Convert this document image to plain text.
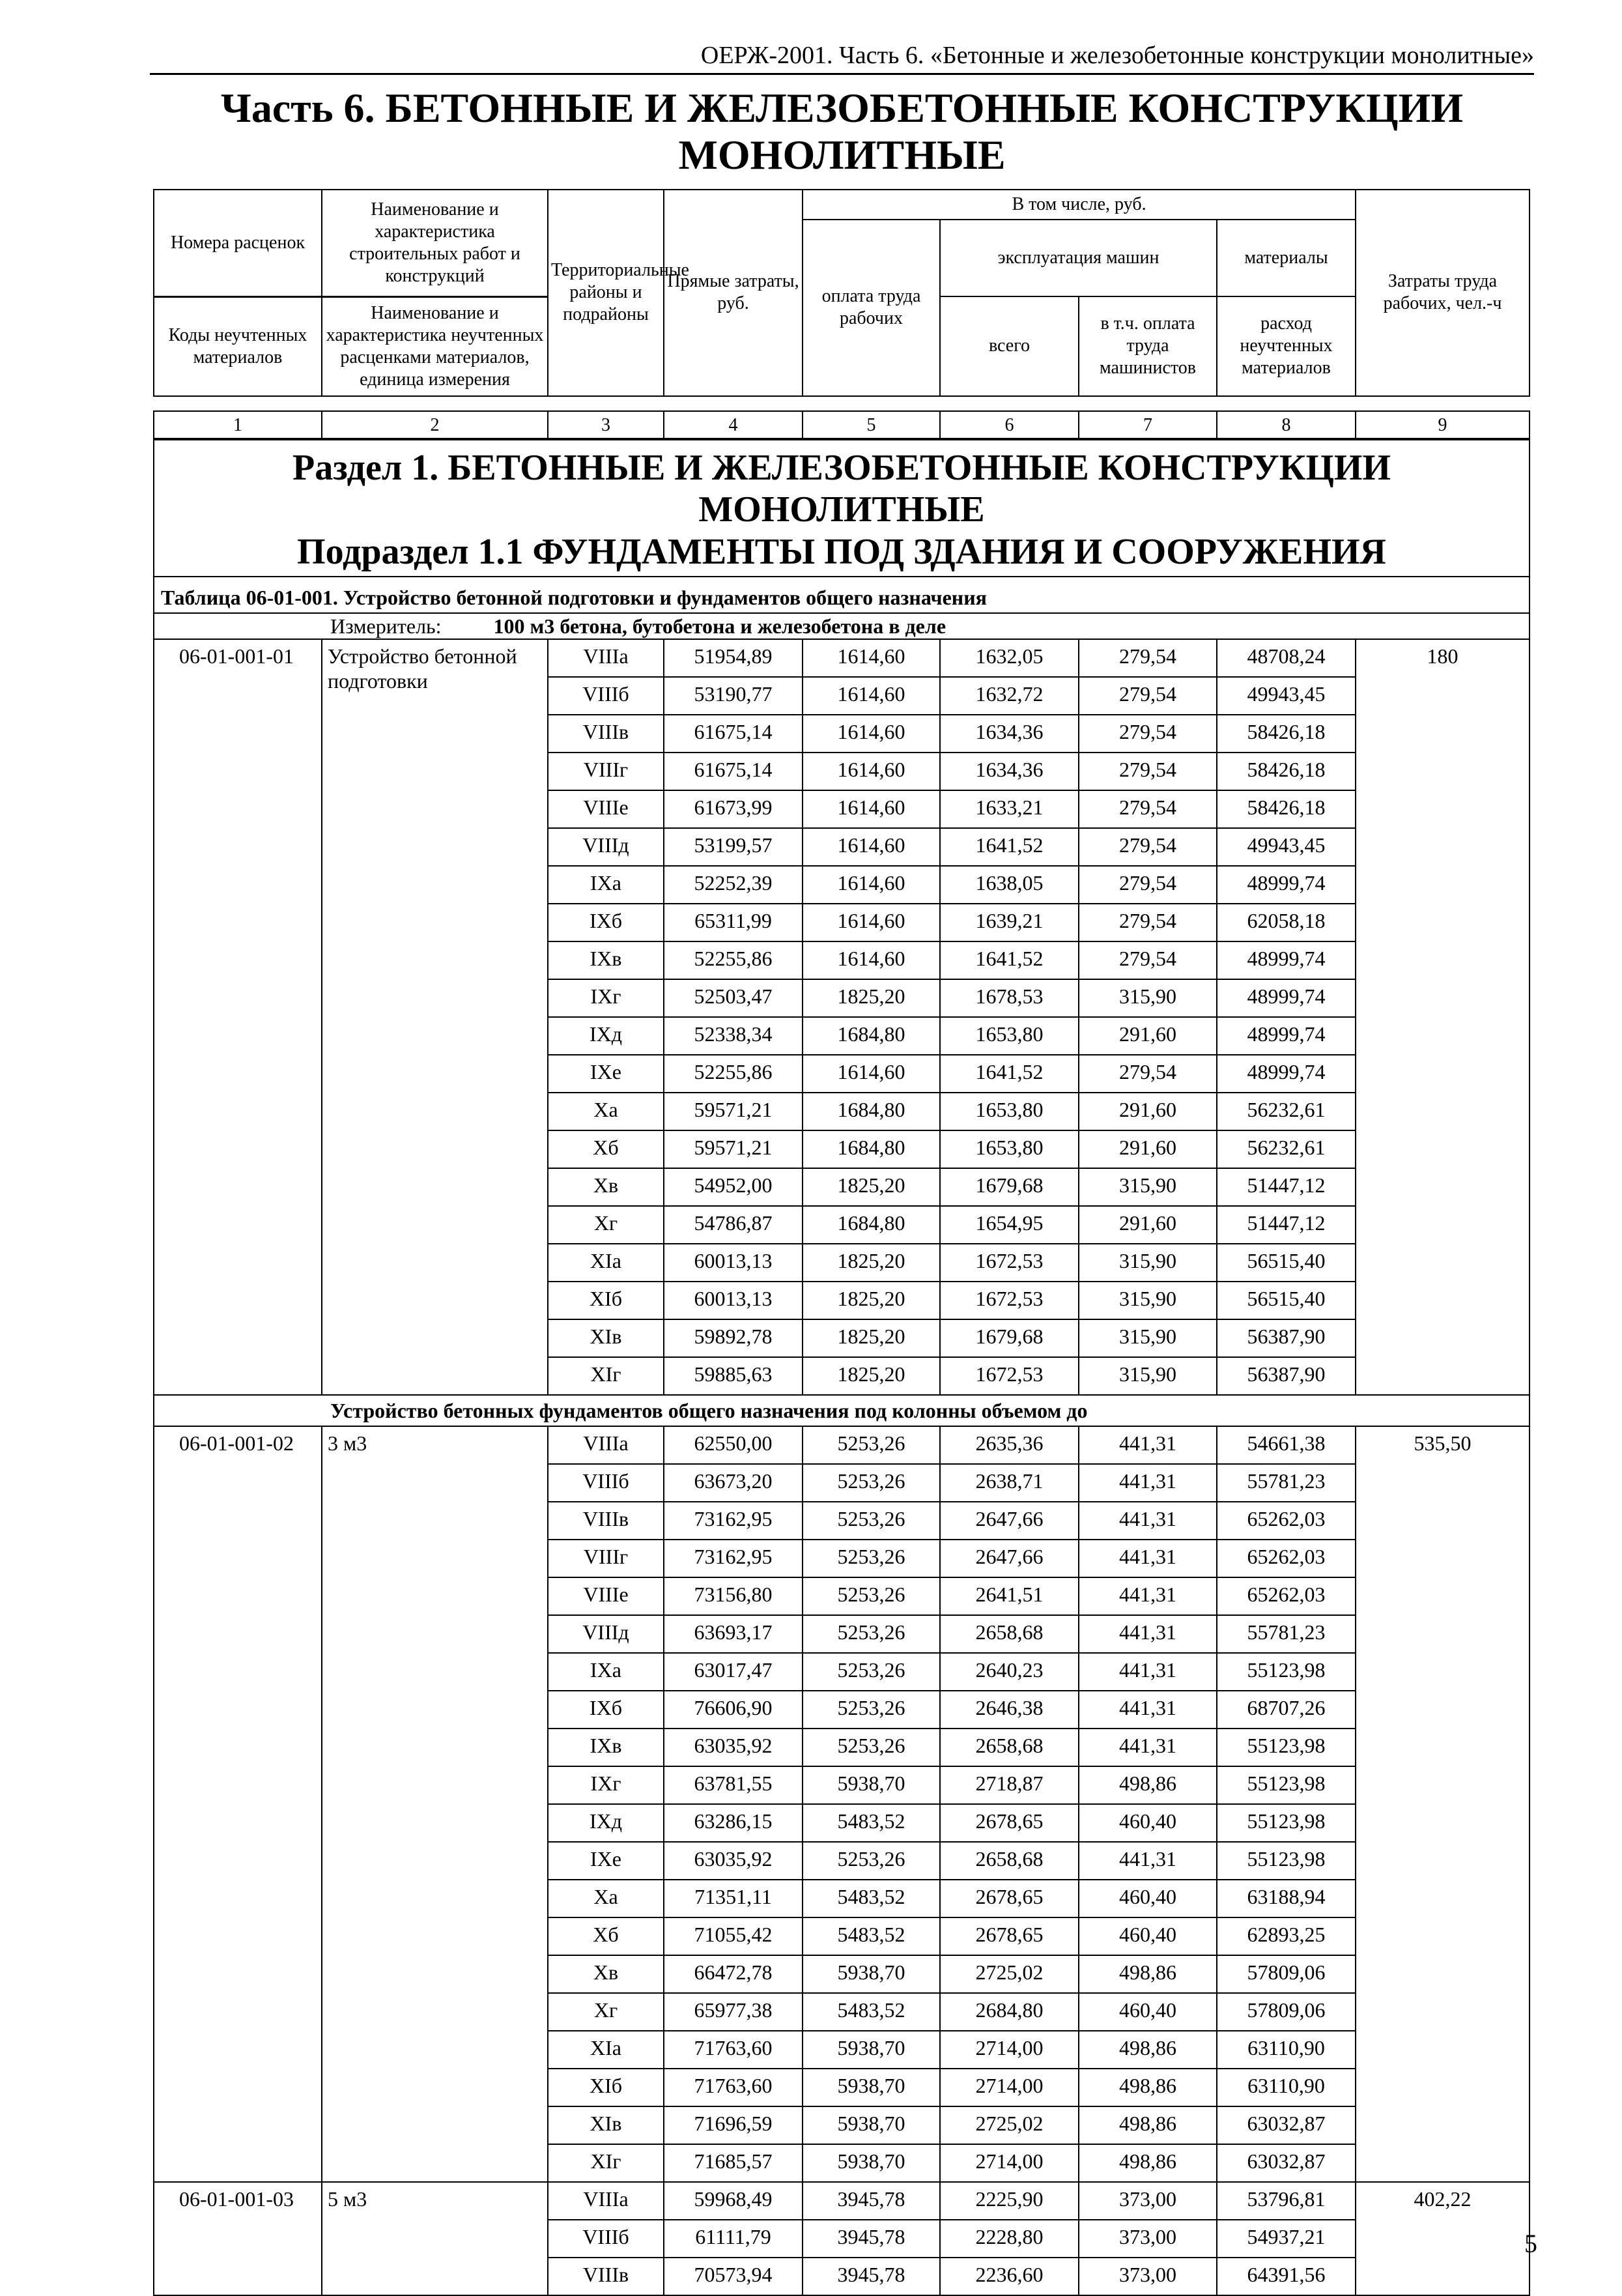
ОЕРЖ-2001. Часть 6. «Бетонные и железобетонные конструкции монолитные»
Часть 6. БЕТОННЫЕ И ЖЕЛЕЗОБЕТОННЫЕ КОНСТРУКЦИИ МОНОЛИТНЫЕ
Номера расценок	Наименование и характеристика строительных работ и конструкций	Территориальные районы и подрайоны	Прямые затраты, руб.	В том числе, руб.				Затраты труда рабочих, чел.-ч
				оплата труда рабочих	эксплуатация машин		материалы	
Коды неучтенных материалов	Наименование и характеристика неучтенных расценками материалов, единица измерения				всего	в т.ч. оплата труда машинистов	расход неучтенных материалов	
1	2	3	4	5	6	7	8	9
Раздел 1. БЕТОННЫЕ И ЖЕЛЕЗОБЕТОННЫЕ КОНСТРУКЦИИ МОНОЛИТНЫЕ
Подраздел 1.1 ФУНДАМЕНТЫ ПОД ЗДАНИЯ И СООРУЖЕНИЯ								

Таблица 06-01-001. Устройство бетонной подготовки и фундаментов общего назначения								
Измеритель: 100 м3 бетона, бутобетона и железобетона в деле								
06-01-001-01	Устройство бетонной подготовки	VIIIа	51954,89	1614,60	1632,05	279,54	48708,24	180
		VIIIб	53190,77	1614,60	1632,72	279,54	49943,45	
		VIIIв	61675,14	1614,60	1634,36	279,54	58426,18	
		VIIIг	61675,14	1614,60	1634,36	279,54	58426,18	
		VIIIе	61673,99	1614,60	1633,21	279,54	58426,18	
		VIIIд	53199,57	1614,60	1641,52	279,54	49943,45	
		IXа	52252,39	1614,60	1638,05	279,54	48999,74	
		IXб	65311,99	1614,60	1639,21	279,54	62058,18	
		IXв	52255,86	1614,60	1641,52	279,54	48999,74	
		IXг	52503,47	1825,20	1678,53	315,90	48999,74	
		IXд	52338,34	1684,80	1653,80	291,60	48999,74	
		IXе	52255,86	1614,60	1641,52	279,54	48999,74	
		Xа	59571,21	1684,80	1653,80	291,60	56232,61	
		Xб	59571,21	1684,80	1653,80	291,60	56232,61	
		Xв	54952,00	1825,20	1679,68	315,90	51447,12	
		Xг	54786,87	1684,80	1654,95	291,60	51447,12	
		XIа	60013,13	1825,20	1672,53	315,90	56515,40	
		XIб	60013,13	1825,20	1672,53	315,90	56515,40	
		XIв	59892,78	1825,20	1679,68	315,90	56387,90	
		XIг	59885,63	1825,20	1672,53	315,90	56387,90	
Устройство бетонных фундаментов общего назначения под колонны объемом до								
06-01-001-02	3 м3	VIIIа	62550,00	5253,26	2635,36	441,31	54661,38	535,50
		VIIIб	63673,20	5253,26	2638,71	441,31	55781,23	
		VIIIв	73162,95	5253,26	2647,66	441,31	65262,03	
		VIIIг	73162,95	5253,26	2647,66	441,31	65262,03	
		VIIIе	73156,80	5253,26	2641,51	441,31	65262,03	
		VIIIд	63693,17	5253,26	2658,68	441,31	55781,23	
		IXа	63017,47	5253,26	2640,23	441,31	55123,98	
		IXб	76606,90	5253,26	2646,38	441,31	68707,26	
		IXв	63035,92	5253,26	2658,68	441,31	55123,98	
		IXг	63781,55	5938,70	2718,87	498,86	55123,98	
		IXд	63286,15	5483,52	2678,65	460,40	55123,98	
		IXе	63035,92	5253,26	2658,68	441,31	55123,98	
		Xа	71351,11	5483,52	2678,65	460,40	63188,94	
		Xб	71055,42	5483,52	2678,65	460,40	62893,25	
		Xв	66472,78	5938,70	2725,02	498,86	57809,06	
		Xг	65977,38	5483,52	2684,80	460,40	57809,06	
		XIа	71763,60	5938,70	2714,00	498,86	63110,90	
		XIб	71763,60	5938,70	2714,00	498,86	63110,90	
		XIв	71696,59	5938,70	2725,02	498,86	63032,87	
		XIг	71685,57	5938,70	2714,00	498,86	63032,87	
06-01-001-03	5 м3	VIIIа	59968,49	3945,78	2225,90	373,00	53796,81	402,22
		VIIIб	61111,79	3945,78	2228,80	373,00	54937,21	
		VIIIв	70573,94	3945,78	2236,60	373,00	64391,56	
5
